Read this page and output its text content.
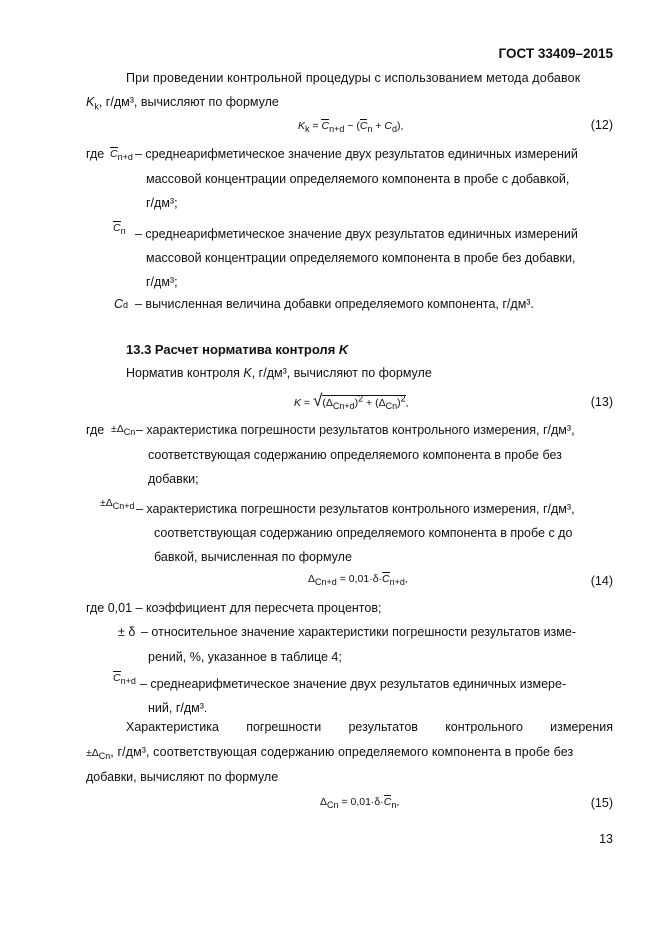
ГОСТ 33409–2015
При проведении контрольной процедуры с использованием метода добавок
$K_k$, г/дм³, вычисляют по формуле
$K_k = C_{n+d} - (C_n + C_d)$,	(12)
где $C_{n+d}$ – среднеарифметическое значение двух результатов единичных измерений
массовой концентрации определяемого компонента в пробе с добавкой,
г/дм³;
$C_n$ – среднеарифметическое значение двух результатов единичных измерений
массовой концентрации определяемого компонента в пробе без добавки,
г/дм³;
Cd – вычисленная величина добавки определяемого компонента, г/дм³.
13.3 Расчет норматива контроля K
Норматив контроля K, г/дм³, вычисляют по формуле
$K = √(\Delta_{Cn+d})^2 + (\Delta_{Cn})^2$,	(13)
где $\pm\Delta_{Cn}$ – характеристика погрешности результатов контрольного измерения, г/дм³,
соответствующая содержанию определяемого компонента в пробе без
добавки;
$\pm\Delta_{Cn+d}$ – характеристика погрешности результатов контрольного измерения, г/дм³,
соответствующая содержанию определяемого компонента в пробе с до
бавкой, вычисленная по формуле
$\Delta_{Cn+d} = 0,01\cdot\delta\cdot C_{n+d}$,	(14)
где 0,01 – коэффициент для пересчета процентов;
± δ – относительное значение характеристики погрешности результатов изме-
рений, %, указанное в таблице 4;
$C_{n+d}$ – среднеарифметическое значение двух результатов единичных измере-
ний, г/дм³.
Характеристика погрешности результатов контрольного измерения
$\pm\Delta_{Cn}$, г/дм³, соответствующая содержанию определяемого компонента в пробе без
добавки, вычисляют по формуле
$\Delta_{Cn} = 0,01\cdot\delta\cdot C_n$,	(15)
13
